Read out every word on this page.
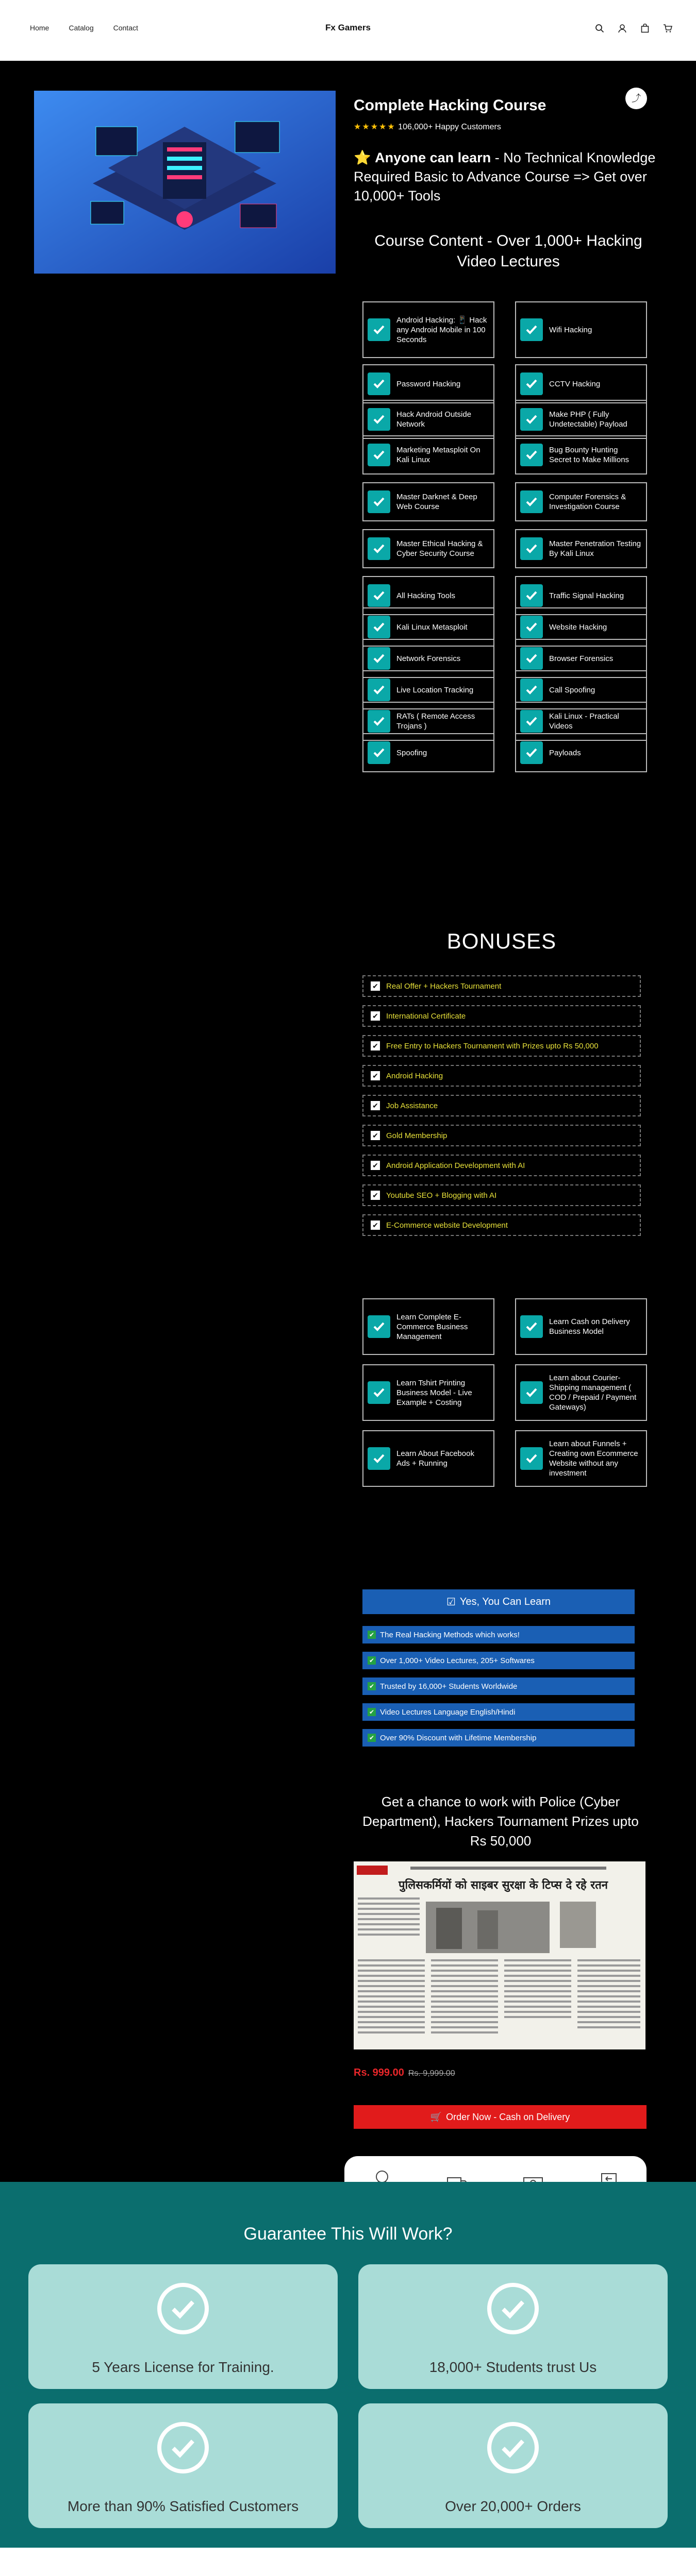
Home	Catalog	Contact	Fx Gamers
Complete Hacking Course
★★★★★ 106,000+ Happy Customers
⤴
⭐ Anyone can learn - No Technical Knowledge Required Basic to Advance Course => Get over 10,000+ Tools
Course Content - Over 1,000+ Hacking Video Lectures
Android Hacking: 📱 Hack any Android Mobile in 100 Seconds
Wifi Hacking
Password Hacking	CCTV Hacking
Hack Android Outside Network
Make PHP ( Fully Undetectable) Payload
Marketing Metasploit On Kali Linux
Bug Bounty Hunting Secret to Make Millions
Master Darknet & Deep Web Course
Computer Forensics & Investigation Course
Master Ethical Hacking & Cyber Security Course
Master Penetration Testing By Kali Linux
All Hacking Tools	Traffic Signal Hacking
Kali Linux Metasploit	Website Hacking
Network Forensics	Browser Forensics
Live Location Tracking	Call Spoofing
RATs ( Remote Access Trojans )
Kali Linux - Practical Videos
Spoofing	Payloads
BONUSES
✔ Real Offer + Hackers Tournament
✔ International Certificate
✔ Free Entry to Hackers Tournament with Prizes upto Rs 50,000
✔ Android Hacking
✔ Job Assistance
✔ Gold Membership
✔ Android Application Development with AI
✔ Youtube SEO + Blogging with AI
✔ E-Commerce website Development
Learn Complete E-Commerce Business Management
Learn Cash on Delivery Business Model
Learn Tshirt Printing Business Model - Live Example + Costing
Learn about Courier-Shipping management ( COD / Prepaid / Payment Gateways)
Learn About Facebook Ads + Running
Learn about Funnels + Creating own Ecommerce Website without any investment
☑ Yes, You Can Learn
✔ The Real Hacking Methods which works!
✔ Over 1,000+ Video Lectures, 205+ Softwares
✔ Trusted by 16,000+ Students Worldwide
✔ Video Lectures Language English/Hindi
✔ Over 90% Discount with Lifetime Membership
Get a chance to work with Police (Cyber Department), Hackers Tournament Prizes upto Rs 50,000
पुलिसकर्मियों को साइबर सुरक्षा के टिप्स दे रहे रतन
Rs. 999.00 Rs. 9,999.00
🛒 Order Now - Cash on Delivery
Guarantee This Will Work?
5 Years License for Training.	18,000+ Students trust Us
More than 90% Satisfied Customers	Over 20,000+ Orders
